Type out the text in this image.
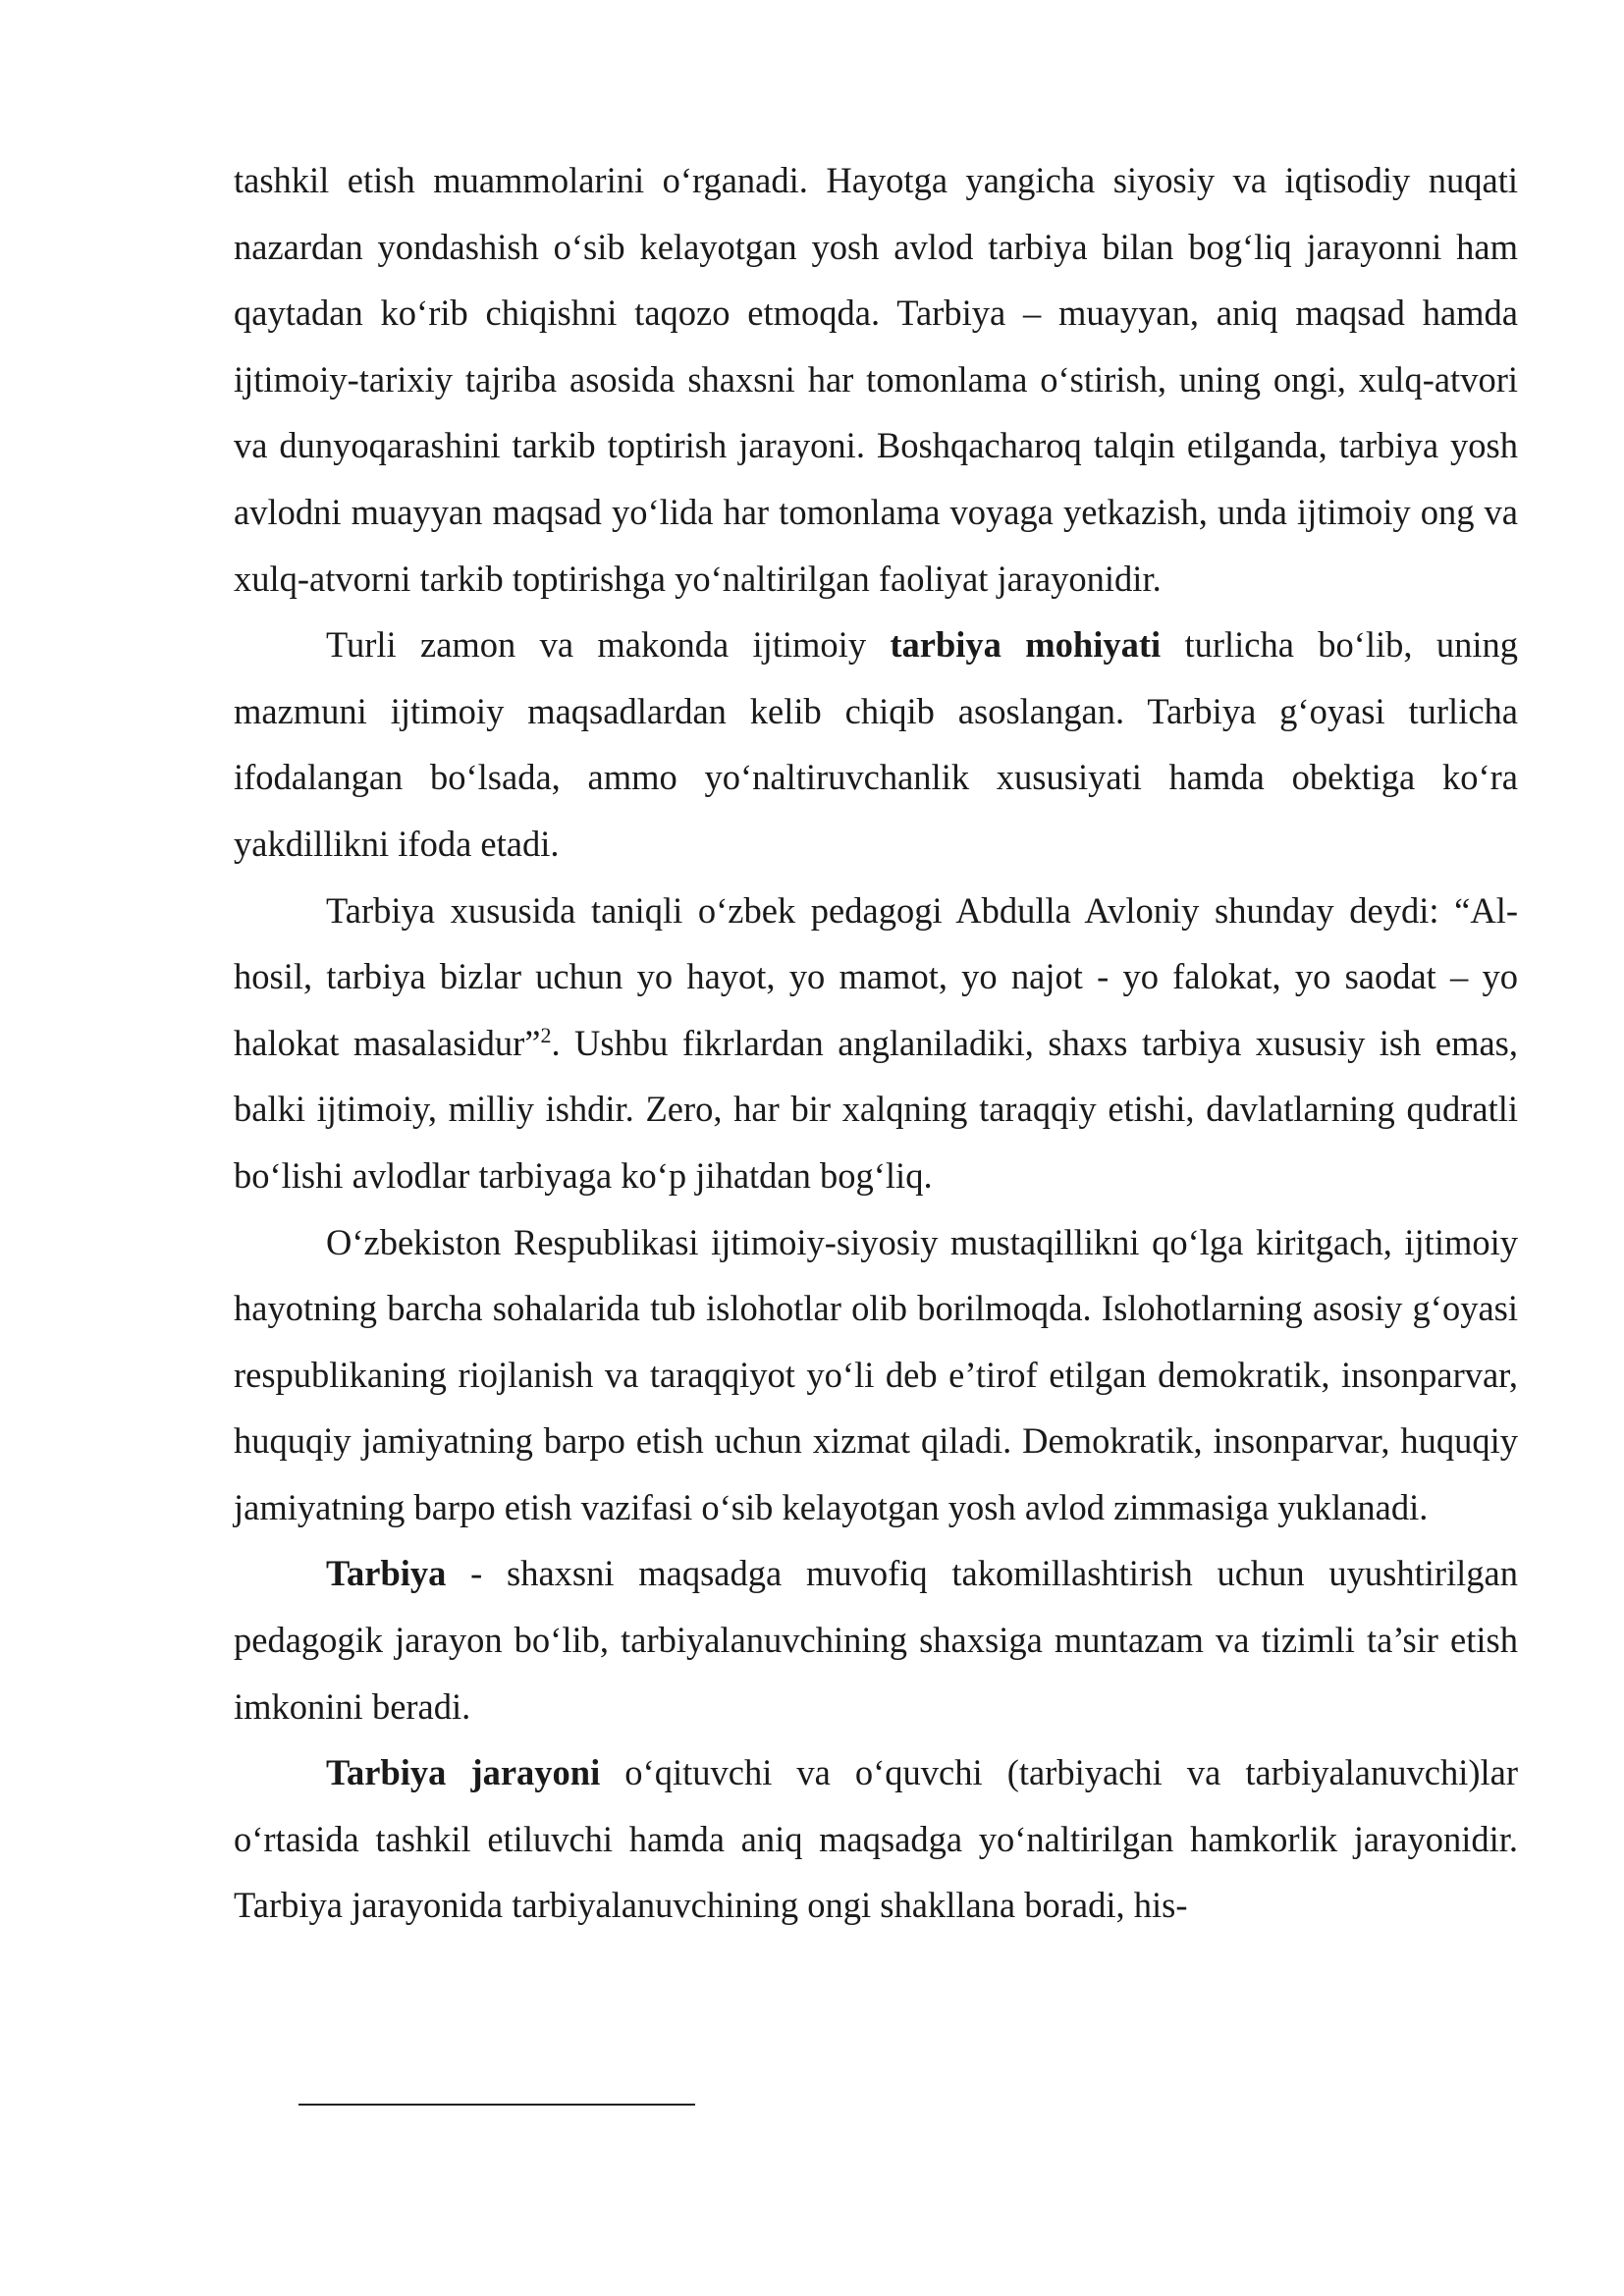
tashkil etish muammolarini o‘rganadi. Hayotga yangicha siyosiy va iqtisodiy nuqati nazardan yondashish o‘sib kelayotgan yosh avlod tarbiya bilan bog‘liq jarayonni ham qaytadan ko‘rib chiqishni taqozo etmoqda. Tarbiya – muayyan, aniq maqsad hamda ijtimoiy-tarixiy tajriba asosida shaxsni har tomonlama o‘stirish, uning ongi, xulq-atvori va dunyoqarashini tarkib toptirish jarayoni. Boshqacharoq talqin etilganda, tarbiya yosh avlodni muayyan maqsad yo‘lida har tomonlama voyaga yetkazish, unda ijtimoiy ong va xulq-atvorni tarkib toptirishga yo‘naltirilgan faoliyat jarayonidir.

Turli zamon va makonda ijtimoiy tarbiya mohiyati turlicha bo‘lib, uning mazmuni ijtimoiy maqsadlardan kelib chiqib asoslangan. Tarbiya g‘oyasi turlicha ifodalangan bo‘lsada, ammo yo‘naltiruvchanlik xususiyati hamda obektiga ko‘ra yakdillikni ifoda etadi.

Tarbiya xususida taniqli o‘zbek pedagogi Abdulla Avloniy shunday deydi: “Al-hosil, tarbiya bizlar uchun yo hayot, yo mamot, yo najot - yo falokat, yo saodat – yo halokat masalasidur”$^2$. Ushbu fikrlardan anglaniladiki, shaxs tarbiya xususiy ish emas, balki ijtimoiy, milliy ishdir. Zero, har bir xalqning taraqqiy etishi, davlatlarning qudratli bo‘lishi avlodlar tarbiyaga ko‘p jihatdan bog‘liq.

O‘zbekiston Respublikasi ijtimoiy-siyosiy mustaqillikni qo‘lga kiritgach, ijtimoiy hayotning barcha sohalarida tub islohotlar olib borilmoqda. Islohotlarning asosiy g‘oyasi respublikaning riojlanish va taraqqiyot yo‘li deb e’tirof etilgan demokratik, insonparvar, huquqiy jamiyatning barpo etish uchun xizmat qiladi. Demokratik, insonparvar, huquqiy jamiyatning barpo etish vazifasi o‘sib kelayotgan yosh avlod zimmasiga yuklanadi.

Tarbiya - shaxsni maqsadga muvofiq takomillashtirish uchun uyushtirilgan pedagogik jarayon bo‘lib, tarbiyalanuvchining shaxsiga muntazam va tizimli ta’sir etish imkonini beradi.

Tarbiya jarayoni o‘qituvchi va o‘quvchi (tarbiyachi va tarbiyalanuvchi)lar o‘rtasida tashkil etiluvchi hamda aniq maqsadga yo‘naltirilgan hamkorlik jarayonidir. Tarbiya jarayonida tarbiyalanuvchining ongi shakllana boradi, his-
